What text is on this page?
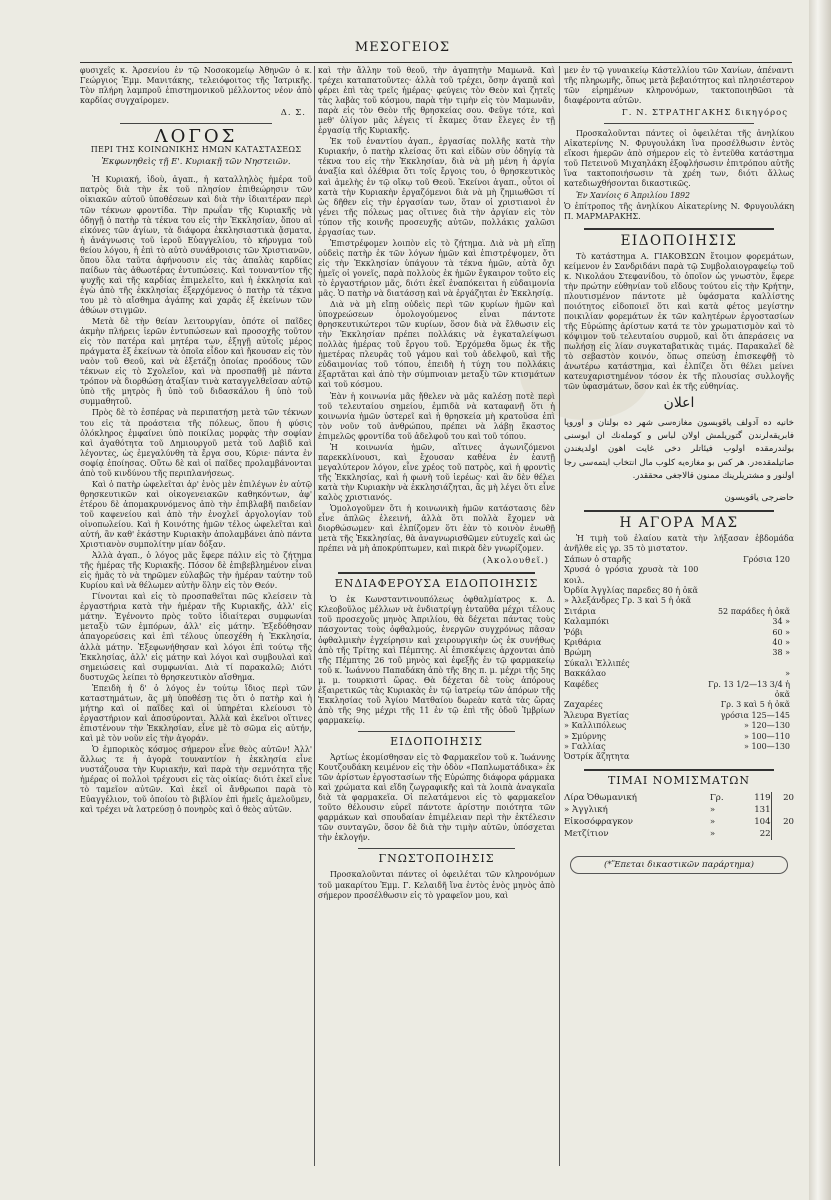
ΜΕΣΟΓΕΙΟΣ

φυσιχεῖς κ. Ἀρσενίου ἐν τῷ Νοσοκομείῳ Ἀθηνῶν ὁ κ. Γεώργιος Ἐμμ. Μανιτάκης, τελειόφοιτος τῆς Ἰατρικῆς. Τὸν πλήρη λαμπροῦ ἐπιστημονικοῦ μέλλοντος νέον ἀπὸ καρδίας συγχαίρομεν.

Δ. Σ.
ΛΟΓΟΣ
ΠΕΡΙ ΤΗΣ ΚΟΙΝΩΝΙΚΗΣ ΗΜΩΝ ΚΑΤΑΣΤΑΣΕΩΣ
Ἐκφωνηθεὶς τῇ Ε'. Κυριακῇ τῶν Νηστειῶν.

Ἡ Κυριακή, ἰδοὺ, ἀγαπ., ἡ καταλληλὸς ἡμέρα τοῦ πατρὸς διὰ τὴν ἐκ τοῦ πλησίον ἐπιθεώρησιν τῶν οἰκιακῶν αὐτοῦ ὑποθέσεων καὶ διὰ τὴν ἰδιαιτέραν περὶ τῶν τέκνων φροντίδα. Τὴν πρωΐαν τῆς Κυριακῆς νὰ ὁδηγῇ ὁ πατὴρ τὰ τέκνα του εἰς τὴν Ἐκκλησίαν, ὅπου αἱ εἰκόνες τῶν ἁγίων, τὰ διάφορα ἐκκλησιαστικὰ ᾄσματα, ἡ ἀνάγνωσις τοῦ ἱεροῦ Εὐαγγελίου, τὸ κήρυγμα τοῦ θείου λόγου, ἡ ἐπὶ τὸ αὐτὸ συνάθροισις τῶν Χριστιανῶν, ὅπου ὅλα ταῦτα ἀφήνουσιν εἰς τὰς ἁπαλὰς καρδίας παίδων τὰς ἀθωοτέρας ἐντυπώσεις. Καὶ τουναντίον τῆς ψυχῆς καὶ τῆς καρδίας ἐπιμελεῖτο, καὶ ἡ ἐκκλησία καὶ ἐγὼ ἀπὸ τῆς ἐκκλησίας ἐξερχόμενος ὁ πατὴρ τὰ τέκνα του μὲ τὸ αἴσθημα ἀγάπης καὶ χαρᾶς ἐξ ἐκείνων τῶν ἀθώων στιγμῶν.

Μετὰ δὲ τὴν θείαν λειτουργίαν, ὁπότε οἱ παῖδες ἀκμὴν πλήρεις ἱερῶν ἐντυπώσεων καὶ προσοχῆς τοῦτον εἰς τὸν πατέρα καὶ μητέρα των, ἐξηγῇ αὐτοῖς μέρος πράγματα ἐξ ἐκείνων τὰ ὁποῖα εἶδον καὶ ἤκουσαν εἰς τὸν ναὸν τοῦ Θεοῦ, καὶ νὰ ἐξετάζῃ ὁποίας προόδους τῶν τέκνων εἰς τὸ Σχολεῖον, καὶ νὰ προσπαθῇ μὲ πάντα τρόπον νὰ διορθώσῃ ἀταξίαν τινὰ καταγγελθεῖσαν αὐτῷ ὑπὸ τῆς μητρὸς ἢ ὑπὸ τοῦ διδασκάλου ἢ ὑπὸ τοῦ συμμαθητοῦ.

Πρὸς δὲ τὸ ἑσπέρας νὰ περιπατήσῃ μετὰ τῶν τέκνων του εἰς τὰ προάστεια τῆς πόλεως, ὅπου ἡ φύσις ὁλόκληρος ἐμφαίνει ὑπὸ ποικίλας μορφὰς τὴν σοφίαν καὶ ἀγαθότητα τοῦ Δημιουργοῦ μετὰ τοῦ Δαβὶδ καὶ λέγοντες, ὡς ἐμεγαλύνθη τὰ ἔργα σου, Κύριε· πάντα ἐν σοφίᾳ ἐποίησας. Οὕτω δὲ καὶ οἱ παῖδες προλαμβάνονται ἀπὸ τοῦ κινδύνου τῆς περιπλανήσεως.

Καὶ ὁ πατὴρ ὠφελεῖται ἀρ' ἑνὸς μὲν ἐπιλέγων ἐν αὐτῷ θρησκευτικῶν καὶ οἰκογενειακῶν καθηκόντων, ἀφ' ἑτέρου δὲ ἀπομακρυνόμενος ἀπὸ τὴν ἐπιβλαβῆ παιδείαν τοῦ καφενείου καὶ ἀπὸ τὴν ἐνοχλεῖ ἀργολογίαν τοῦ οἰνοπωλείου. Καὶ ἡ Κοινότης ἡμῶν τέλος ὠφελεῖται καὶ αὐτή, ἂν καθ' ἑκάστην Κυριακὴν ἀπολαμβάνει ἀπὸ πάντα Χριστιανὸν συμπολίτην μίαν δόξαν.

Ἀλλὰ ἀγαπ., ὁ λόγος μᾶς ἔφερε πάλιν εἰς τὸ ζήτημα τῆς ἡμέρας τῆς Κυριακῆς. Πόσον δὲ ἐπιβεβλημένον εἶναι εἰς ἡμᾶς τὸ νὰ τηρῶμεν εὐλαβῶς τὴν ἡμέραν ταύτην τοῦ Κυρίου καὶ νὰ θέλωμεν αὐτὴν ὅλην εἰς τὸν Θεόν.

Γίνονται καὶ εἰς τὸ προσπαθεῖται πῶς κλείσειν τὰ ἐργαστήρια κατὰ τὴν ἡμέραν τῆς Κυριακῆς, ἀλλ' εἰς μάτην. Ἐγένοντο πρὸς τοῦτο ἰδιαίτεραι συμφωνίαι μεταξὺ τῶν ἐμπόρων, ἀλλ' εἰς μάτην. Ἐξεδόθησαν ἀπαγορεύσεις καὶ ἐπὶ τέλους ὑπεσχέθη ἡ Ἐκκλησία, ἀλλὰ μάτην. Ἐξεφωνήθησαν καὶ λόγοι ἐπὶ τούτῳ τῆς Ἐκκλησίας, ἀλλ' εἰς μάτην καὶ λόγοι καὶ συμβουλαὶ καὶ σημειώσεις καὶ συμφωνίαι. Διὰ τί παρακαλῶ; Διότι δυστυχῶς λείπει τὸ θρησκευτικὸν αἴσθημα.

Ἐπειδὴ ἡ δ' ὁ λόγος ἐν τούτῳ ἴδιος περὶ τῶν καταστημάτων, ἂς μὴ ὑποθέσῃ τις ὅτι ὁ πατὴρ καὶ ἡ μήτηρ καὶ οἱ παῖδες καὶ οἱ ὑπηρέται κλείουσι τὸ ἐργαστήριον καὶ ἀποσύρονται. Ἀλλὰ καὶ ἐκεῖνοι οἵτινες ἐπιστένουν τὴν Ἐκκλησίαν, εἶνε μὲ τὸ σῶμα εἰς αὐτήν, καὶ μὲ τὸν νοῦν εἰς τὴν ἀγοράν.

Ὁ ἐμπορικὸς κόσμος σήμερον εἶνε θεὸς αὐτῶν! Ἀλλ' ἄλλως τε ἡ ἀγορὰ τουναντίον ἡ ἐκκλησία εἶνε νυστάζουσα τὴν Κυριακήν, καὶ παρὰ τὴν σεμνότητα τῆς ἡμέρας οἱ πολλοὶ τρέχουσι εἰς τὰς οἰκίας· διότι ἐκεῖ εἶνε τὸ ταμεῖον αὐτῶν. Καὶ ἐκεῖ οἱ ἄνθρωποι παρὰ τὸ Εὐαγγέλιον, τοῦ ὁποίου τὸ βιβλίον ἐπὶ ἡμεῖς ἀμελοῦμεν, καὶ τρέχει νὰ λατρεύσῃ ὁ πονηρὸς καὶ ὁ θεὸς αὐτῶν.

καὶ τὴν ἄλλην τοῦ θεοῦ, τὴν ἀγαπητὴν Μαμωνᾶ. Καὶ τρέχει καταπατοῦντες· ἀλλὰ τοῦ τρέχει, ὅσην ἀγαπᾷ καὶ φέρει ἐπὶ τὰς τρεῖς ἡμέρας· φεύγεις τὸν Θεὸν καὶ ζητεῖς τὰς λαβὰς τοῦ κόσμου, παρὰ τὴν τιμὴν εἰς τὸν Μαμωνᾶν, παρὰ εἰς τὸν Θεὸν τῆς θρησκείας σου. Φεῦγε τότε, καὶ μεθ' ὀλίγον μᾶς λέγεις τί ἔκαμες ὅταν ἔλεγες ἐν τῇ ἐργασίᾳ τῆς Κυριακῆς.

Ἐκ τοῦ ἐναντίου ἀγαπ., ἐργασίας πολλῆς κατὰ τὴν Κυριακήν, ὁ πατὴρ κλείσας ὅτι καὶ εἰδὼν σὺν ὁδηγίᾳ τὰ τέκνα του εἰς τὴν Ἐκκλησίαν, διὰ νὰ μὴ μένη ἡ ἀργία ἀναξία καὶ ὀλέθρια ὅτι τοῖς ἔργοις του, ὁ θρησκευτικὸς καὶ ἀμελὴς ἐν τῷ οἴκῳ τοῦ Θεοῦ. Ἐκείνοι ἀγαπ., οὗτοι οἱ κατὰ τὴν Κυριακὴν ἐργαζόμενοι διὰ νὰ μὴ ζημιωθῶσι τί ὡς δῆθεν εἰς τὴν ἐργασίαν των, ὅταν οἱ χριστιανοὶ ἐν γένει τῆς πόλεως μας οἵτινες διὰ τὴν ἀργίαν εἰς τὸν τύπον τῆς κοινῆς προσευχῆς αὐτῶν, πολλάκις χαλῶσι ἐργασίας των.

Ἐπιστρέφομεν λοιπὸν εἰς τὸ ζήτημα. Διὰ νὰ μὴ εἴπῃ οὐδεὶς πατὴρ ἐκ τῶν λόγων ἡμῶν καὶ ἐπιστρέψομεν, ὅτι εἰς τὴν Ἐκκλησίαν ὑπάγουν τὰ τέκνα ἡμῶν, αὐτὰ ὄχι ἡμεῖς οἱ γονεῖς, παρὰ πολλοὺς ἐκ ἡμῶν ἔγκαιρον τοῦτο εἰς τὸ ἐργαστήριον μᾶς, διότι ἐκεῖ ἐναπόκειται ἡ εὐδαιμονία μᾶς. Ὁ πατὴρ νὰ διατάσσῃ καὶ νὰ ἐργάζηται ἐν Ἐκκλησίᾳ.

Διὰ νὰ μὴ εἴπῃ οὐδεὶς περὶ τῶν κυρίων ἡμῶν καὶ ὑποχρεώσεων ὁμολογούμενος εἶναι πάντοτε θρησκευτικώτεροι τῶν κυρίων, ὅσον διὰ νὰ ἔλθωσιν εἰς τὴν Ἐκκλησίαν πρέπει πολλάκις νὰ ἐγκαταλείψωσι πολλὰς ἡμέρας τοῦ ἔργου τοῦ. Ἐρχόμεθα ὅμως ἐκ τῆς ἡμετέρας πλευρᾶς τοῦ γάμου καὶ τοῦ ἀδελφοῦ, καὶ τῆς εὐδαιμονίας τοῦ τόπου, ἐπειδὴ ἡ τύχη του πολλάκις ἐξαρτᾶται καὶ ἀπὸ τὴν σύμπνοιαν μεταξὺ τῶν κτισμάτων καὶ τοῦ κόσμου.

Ἐὰν ἡ κοινωνία μᾶς ἤθελεν νὰ μᾶς καλέσῃ ποτὲ περὶ τοῦ τελευταίου σημείου, ἐμπιδὰ νὰ καταφανῇ ὅτι ἡ κοινωνία ἡμῶν ὑστερεῖ καὶ ἡ θρησκεία μὴ κρατοῦσα ἐπὶ τὸν νοῦν τοῦ ἀνθρώπου, πρέπει νὰ λάβῃ ἕκαστος ἐπιμελῶς φροντίδα τοῦ ἀδελφοῦ του καὶ τοῦ τόπου.

Ἡ κοινωνία ἡμῶν, αἵτινες ἀγωνιζόμενοι παρεκκλίνουσι, καὶ ἔχουσαν καθένα ἐν ἑαυτῇ μεγαλύτερον λόγον, εἶνε χρέος τοῦ πατρὸς, καὶ ἡ φροντὶς τῆς Ἐκκλησίας, καὶ ἡ φωνὴ τοῦ ἱερέως· καὶ ἂν δὲν θέλει κατὰ τὴν Κυριακὴν νὰ ἐκκλησιάζηται, ἂς μὴ λέγει ὅτι εἶνε καλὸς χριστιανός.

Ὁμολογοῦμεν ὅτι ἡ κοινωνικὴ ἡμῶν κατάστασις δὲν εἶνε ἁπλῶς ἐλεεινή, ἀλλὰ ὅτι πολλὰ ἔχομεν νὰ διορθώσωμεν· καὶ ἐλπίζομεν ὅτι ἐὰν τὸ κοινὸν ἐνωθῇ μετὰ τῆς Ἐκκλησίας, θὰ ἀναγνωρισθῶμεν εὐτυχεῖς καὶ ὡς πρέπει νὰ μὴ ἀποκρύπτωμεν, καὶ πικρὰ δὲν γνωρίζομεν.

(Ἀκολουθεῖ.)
ΕΝΔΙΑΦΕΡΟΥΣΑ ΕΙΔΟΠΟΙΗΣΙΣ

Ὁ ἐκ Κωνσταντινουπόλεως ὀφθαλμίατρος κ. Δ. Κλεοβοῦλος μέλλων νὰ ἐνδιατρίψῃ ἐνταῦθα μέχρι τέλους τοῦ προσεχοῦς μηνὸς Ἀπριλίου, θὰ δέχεται πάντας τοὺς πάσχοντας τοὺς ὀφθαλμούς, ἐνεργῶν συγχρόνως πᾶσαν ὀφθαλμικὴν ἐγχείρησιν καὶ χειρουργικὴν ὡς ἐκ συνήθως ἀπὸ τῆς Τρίτης καὶ Πέμπτης. Αἱ ἐπισκέψεις ἀρχονται ἀπὸ τῆς Πέμπτης 26 τοῦ μηνὸς καὶ ἐφεξῆς ἐν τῷ φαρμακείῳ τοῦ κ. Ἰωάννου Παπαδάκη ἀπὸ τῆς 8ης π. μ. μέχρι τῆς 5ης μ. μ. τουρκιστὶ ὥρας. Θὰ δέχεται δὲ τοὺς ἀπόρους ἐξαιρετικῶς τὰς Κυριακὰς ἐν τῷ ἰατρείῳ τῶν ἀπόρων τῆς Ἐκκλησίας τοῦ Ἁγίου Ματθαίου δωρεὰν κατὰ τὰς ὥρας ἀπὸ τῆς 9ης μέχρι τῆς 11 ἐν τῷ ἐπὶ τῆς ὁδοῦ Ἰμβρίων φαρμακείῳ.

ΕΙΔΟΠΟΙΗΣΙΣ

Ἀρτίως ἐκομίσθησαν εἰς τὸ Φαρμακεῖον τοῦ κ. Ἰωάννης Κουτζουδάκη κειμένον εἰς τὴν ὁδὸν «Παπλωματάδικα» ἐκ τῶν ἀρίστων ἐργοστασίων τῆς Εὐρώπης διάφορα φάρμακα καὶ χρώματα καὶ εἴδη ζωγραφικῆς καὶ τὰ λοιπὰ ἀναγκαῖα διὰ τὰ φαρμακεῖα. Οἱ πελατάμενοι εἰς τὸ φαρμακεῖον τοῦτο θέλουσιν εὑρεῖ πάντοτε ἀρίστην ποιότητα τῶν φαρμάκων καὶ σπουδαίαν ἐπιμέλειαν περὶ τὴν ἐκτέλεσιν τῶν συνταγῶν, ὅσον δὲ διὰ τὴν τιμὴν αὐτῶν, ὑπόσχεται τὴν ἐκλογήν.

ΓΝΩΣΤΟΠΟΙΗΣΙΣ

Προσκαλοῦνται πάντες οἱ ὀφειλέται τῶν κληρονόμων τοῦ μακαρίτου Ἐμμ. Γ. Κελαιδῆ ἵνα ἐντὸς ἑνὸς μηνὸς ἀπὸ σήμερον προσέλθωσιν εἰς τὸ γραφεῖον μου, καὶ

μεν ἐν τῷ γυναικείῳ Κάστελλίου τῶν Χανίων, ἀπέναντι τῆς πληρωμῆς, ὅπως μετὰ βεβαιότητος καὶ πλησιέστερον τῶν εἰρημένων κληρονόμων, τακτοποιηθῶσι τὰ διαφέροντα αὐτῶν.

Γ. Ν. ΣΤΡΑΤΗΓΑΚΗΣ δικηγόρος

Προσκαλοῦνται πάντες οἱ ὀφειλέται τῆς ἀνηλίκου Αἰκατερίνης Ν. Φρυγουλάκη ἵνα προσέλθωσιν ἐντὸς εἴκοσι ἡμερῶν ἀπὸ σήμερον εἰς τὸ ἐντεῦθα κατάστημα τοῦ Πετεινοῦ Μιχαηλάκη ἐξοφλήσωσιν ἐπιτρόπου αὐτῆς ἵνα τακτοποιήσωσιν τὰ χρέη των, διότι ἄλλως κατεδιωχθήσονται δικαστικῶς.

Ἐν Χανίοις 6 Ἀπριλίου 1892

Ὁ ἐπίτροπος τῆς ἀνηλίκου Αἰκατερίνης Ν. Φρυγουλάκη Π. ΜΑΡΜΑΡΑΚΗΣ.

ΕΙΔΟΠΟΙΗΣΙΣ

Τὸ κατάστημα Α. ΓΙΑΚΟΒΣΩΝ ἔτοιμον φορεμάτων, κείμενον ἐν Σανδριδάνι παρὰ τῷ Συμβολαιογραφείῳ τοῦ κ. Νικολάου Στεφανίδου, τὸ ὁποῖον ὡς γνωστὸν, ἔφερε τὴν πρώτην εὐθηνίαν τοῦ εἴδους τούτου εἰς τὴν Κρήτην, πλουτισμένον πάντοτε μὲ ὑφάσματα καλλίστης ποιότητος εἰδοποιεῖ ὅτι καὶ κατὰ φέτος μεγίστην ποικιλίαν φορεμάτων ἐκ τῶν καλητέρων ἐργοστασίων τῆς Εὐρώπης ἀρίστων κατά τε τὸν χρωματισμὸν καὶ τὸ κόψιμον τοῦ τελευταίου συρμοῦ, καὶ ὅτι ἀπεράσεις να πωλήσῃ εἰς λίαν συγκαταβατικὰς τιμάς. Παρακαλεῖ δὲ τὸ σεβαστὸν κοινόν, ὅπως σπεύσῃ ἐπισκεφθῇ τὸ ἀνωτέρω κατάστημα, καὶ ἐλπίζει ὅτι θέλει μείνει κατευχαριστημένον τόσον ἐκ τῆς πλουσίας συλλογῆς τῶν ὑφασμάτων, ὅσον καὶ ἐκ τῆς εὐθηνίας.

اعلان

خانيه ده آدولف ياقوبسون مغازه‌سی شهر ده بولنان و اوروپا فابريقه‌لرندن گتوريلمش اولان لباس و كومله‌نك ان ايوسنی بولندرمقده اولوب فيئاتلر دخی غايت اهون اولدیغندن صاتيلمقده‌در. هر كس بو مغازه‌يه كلوب مال انتخاب ايتمه‌سی رجا اولنور و مشتريلرينك ممنون قالاجغی محققدر.

حاضرجی ياقوبسون
Η ΑΓΟΡΑ ΜΑΣ

Ἡ τιμὴ τοῦ ἐλαίου κατὰ τὴν λήξασαν ἑβδομάδα ἀνῆλθε εἰς γρ. 35 τὸ μιστατον.

Σάπων ὁ σταρῆς	Γρόσια 120
Χρυσά ὁ γρόσια χρυσὰ τὰ 100 κοιλ.	
Ὀρδία Ἀγγλίας παρεδες 80 ἡ ὀκᾶ	
» Ἀλεξάνδρες Γρ. 3 καὶ 5 ἡ ὀκᾶ	
Σιτάρια	52 παράδες ἡ ὀκᾶ
Καλαμπόκι	34 »
Ῥόβι	60 »
Κριθάρια	40 »
Βρώμη	38 »
Σύκαλι Ἐλλιπές	
Βακκάλαο	»
Καφέδες	Γρ. 13 1/2—13 3/4 ἡ ὀκᾶ
Ζαχαρέες	Γρ. 3 καὶ 5 ἡ ὀκᾶ
Ἄλευρα Βγετίας	γρόσια 125—145
» Καλλιπόλεως	» 120—130
» Σμύρνης	» 100—110
» Γαλλίας	» 100—130
Ὀστρίκ ἄζητητα	
ΤΙΜΑΙ ΝΟΜΙΣΜΑΤΩΝ
Λίρα Ὀθωμανική	Γρ.	119	20
» Ἀγγλική	»	131	
Εἰκοσόφραγκον	»	104	20
Μετζίτιον	»	22	
(*Ἕπεται δικαστικῶν παράρτημα)
